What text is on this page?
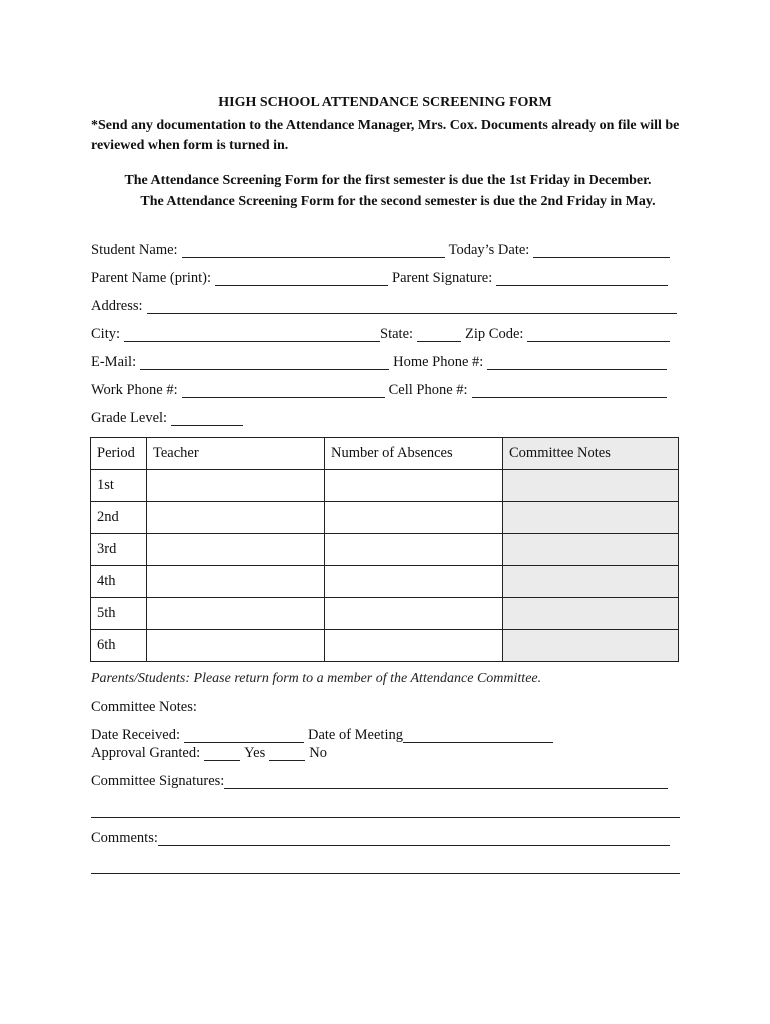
HIGH SCHOOL ATTENDANCE SCREENING FORM
*Send any documentation to the Attendance Manager, Mrs. Cox. Documents already on file will be reviewed when form is turned in.
The Attendance Screening Form for the first semester is due the 1st Friday in December.
The Attendance Screening Form for the second semester is due the 2nd Friday in May.
Student Name:	Today’s Date:
Parent Name (print):	Parent Signature:
Address:
City:	State:	Zip Code:
E-Mail:	Home Phone #:
Work Phone #:	Cell Phone #:
Grade Level:
Period	Teacher	Number of Absences	Committee Notes
1st			
2nd			
3rd			
4th			
5th			
6th			
Parents/Students: Please return form to a member of the Attendance Committee.
Committee Notes:
Date Received:	Date of Meeting
Approval Granted:	Yes	No
Committee Signatures:
Comments:
